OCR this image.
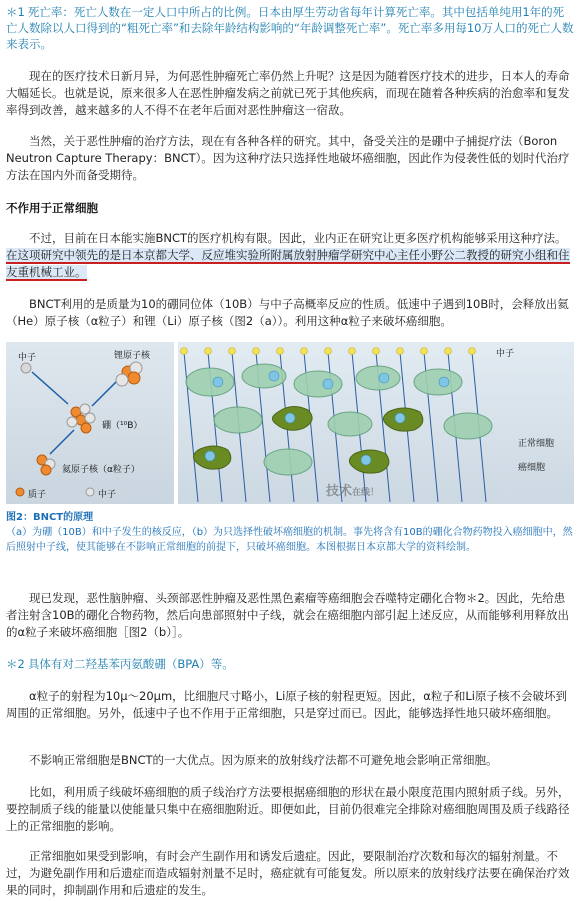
＊1 死亡率：死亡人数在一定人口中所占的比例。日本由厚生劳动省每年计算死亡率。其中包括单纯用1年的死亡人数除以人口得到的“粗死亡率”和去除年龄结构影响的“年龄调整死亡率”。死亡率多用每10万人口的死亡人数来表示。

现在的医疗技术日新月异，为何恶性肿瘤死亡率仍然上升呢？这是因为随着医疗技术的进步，日本人的寿命大幅延长。也就是说，原来很多人在恶性肿瘤发病之前就已死于其他疾病，而现在随着各种疾病的治愈率和复发率得到改善，越来越多的人不得不在老年后面对恶性肿瘤这一宿敌。

当然，关于恶性肿瘤的治疗方法，现在有各种各样的研究。其中，备受关注的是硼中子捕捉疗法（Boron Neutron Capture Therapy：BNCT）。因为这种疗法只选择性地破坏癌细胞，因此作为侵袭性低的划时代治疗方法在国内外而备受期待。

不作用于正常细胞

不过，目前在日本能实施BNCT的医疗机构有限。因此，业内正在研究让更多医疗机构能够采用这种疗法。在这项研究中领先的是日本京都大学、反应堆实验所附属放射肿瘤学研究中心主任小野公二教授的研究小组和住友重机械工业。

BNCT利用的是质量为10的硼同位体（10B）与中子高概率反应的性质。低速中子遇到10B时，会释放出氦（He）原子核（α粒子）和锂（Li）原子核（图2（a））。利用这种α粒子来破坏癌细胞。

中子	锂原子核
硼（¹⁰B）
氦原子核（α粒子）
质子	中子
中子
正常细胞
癌细胞
技术在线！
图2：BNCT的原理
（a）为硼（10B）和中子发生的核反应，（b）为只选择性破坏癌细胞的机制。事先将含有10B的硼化合物药物投入癌细胞中，然后照射中子线，使其能够在不影响正常细胞的前提下，只破坏癌细胞。本图根据日本京都大学的资料绘制。

现已发现，恶性脑肿瘤、头颈部恶性肿瘤及恶性黑色素瘤等癌细胞会吞噬特定硼化合物＊2。因此，先给患者注射含10B的硼化合物药物，然后向患部照射中子线，就会在癌细胞内部引起上述反应，从而能够利用释放出的α粒子来破坏癌细胞［图2（b）］。

＊2 具体有对二羟基苯丙氨酸硼（BPA）等。

α粒子的射程为10μ～20μm，比细胞尺寸略小，Li原子核的射程更短。因此，α粒子和Li原子核不会破坏到周围的正常细胞。另外，低速中子也不作用于正常细胞，只是穿过而已。因此，能够选择性地只破坏癌细胞。

不影响正常细胞是BNCT的一大优点。因为原来的放射线疗法都不可避免地会影响正常细胞。

比如，利用质子线破坏癌细胞的质子线治疗方法要根据癌细胞的形状在最小限度范围内照射质子线。另外，要控制质子线的能量以使能量只集中在癌细胞附近。即便如此，目前仍很难完全排除对癌细胞周围及质子线路径上的正常细胞的影响。

正常细胞如果受到影响，有时会产生副作用和诱发后遗症。因此，要限制治疗次数和每次的辐射剂量。不过，为避免副作用和后遗症而造成辐射剂量不足时，癌症就有可能复发。所以原来的放射线疗法要在确保治疗效果的同时，抑制副作用和后遗症的发生。
